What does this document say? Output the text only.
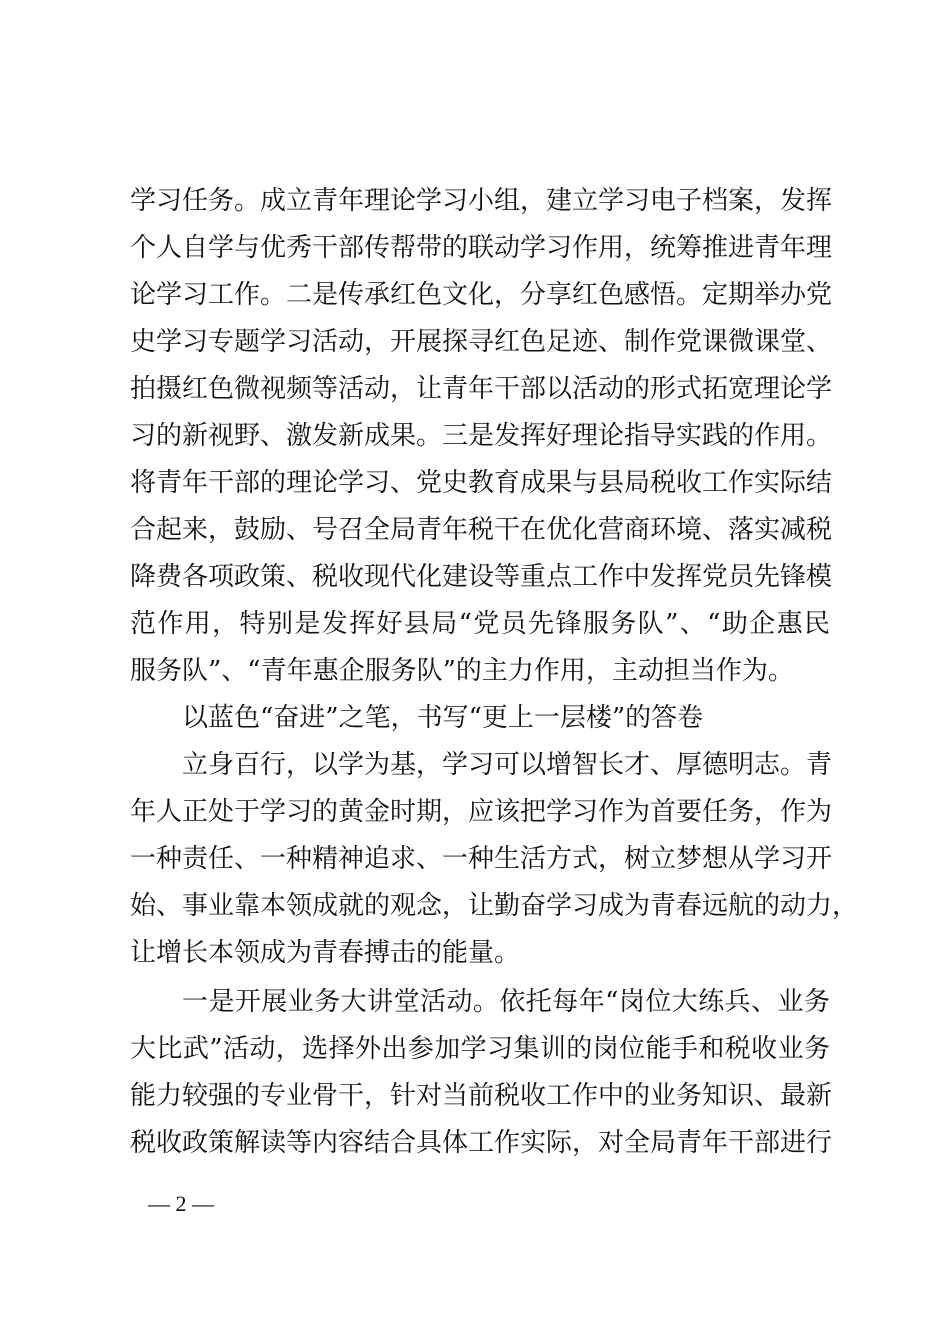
学习任务。成立青年理论学习小组，建立学习电子档案，发挥
个人自学与优秀干部传帮带的联动学习作用，统筹推进青年理
论学习工作。二是传承红色文化，分享红色感悟。定期举办党
史学习专题学习活动，开展探寻红色足迹、制作党课微课堂、
拍摄红色微视频等活动，让青年干部以活动的形式拓宽理论学
习的新视野、激发新成果。三是发挥好理论指导实践的作用。
将青年干部的理论学习、党史教育成果与县局税收工作实际结
合起来，鼓励、号召全局青年税干在优化营商环境、落实减税
降费各项政策、税收现代化建设等重点工作中发挥党员先锋模
范作用，特别是发挥好县局“党员先锋服务队”、“助企惠民
服务队”、“青年惠企服务队”的主力作用，主动担当作为。
以蓝色“奋进”之笔，书写“更上一层楼”的答卷
立身百行，以学为基，学习可以增智长才、厚德明志。青
年人正处于学习的黄金时期，应该把学习作为首要任务，作为
一种责任、一种精神追求、一种生活方式，树立梦想从学习开
始、事业靠本领成就的观念，让勤奋学习成为青春远航的动力，
让增长本领成为青春搏击的能量。
一是开展业务大讲堂活动。依托每年“岗位大练兵、业务
大比武”活动，选择外出参加学习集训的岗位能手和税收业务
能力较强的专业骨干，针对当前税收工作中的业务知识、最新
税收政策解读等内容结合具体工作实际，对全局青年干部进行
— 2 —
